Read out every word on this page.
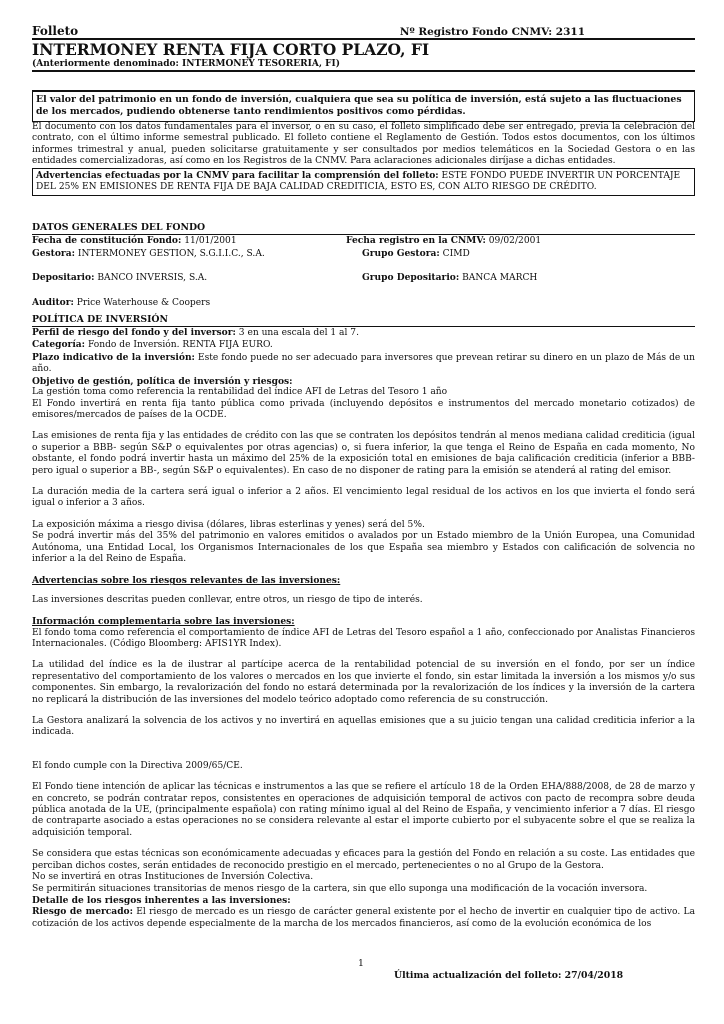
Folleto	Nº Registro Fondo CNMV: 2311
INTERMONEY RENTA FIJA CORTO PLAZO, FI
(Anteriormente denominado: INTERMONEY TESORERIA, FI)
El valor del patrimonio en un fondo de inversión, cualquiera que sea su política de inversión, está sujeto a las fluctuaciones de los mercados, pudiendo obtenerse tanto rendimientos positivos como pérdidas.
El documento con los datos fundamentales para el inversor, o en su caso, el folleto simplificado debe ser entregado, previa la celebración del contrato, con el último informe semestral publicado. El folleto contiene el Reglamento de Gestión. Todos estos documentos, con los últimos informes trimestral y anual, pueden solicitarse gratuitamente y ser consultados por medios telemáticos en la Sociedad Gestora o en las entidades comercializadoras, así como en los Registros de la CNMV. Para aclaraciones adicionales diríjase a dichas entidades.
Advertencias efectuadas por la CNMV para facilitar la comprensión del folleto: ESTE FONDO PUEDE INVERTIR UN PORCENTAJE DEL 25% EN EMISIONES DE RENTA FIJA DE BAJA CALIDAD CREDITICIA, ESTO ES, CON ALTO RIESGO DE CRÉDITO.
DATOS GENERALES DEL FONDO
Fecha de constitución Fondo: 11/01/2001	Fecha registro en la CNMV: 09/02/2001
Gestora: INTERMONEY GESTION, S.G.I.I.C., S.A.	Grupo Gestora: CIMD
Depositario: BANCO INVERSIS, S.A.	Grupo Depositario: BANCA MARCH
Auditor: Price Waterhouse & Coopers
POLÍTICA DE INVERSIÓN
Perfil de riesgo del fondo y del inversor: 3 en una escala del 1 al 7.
Categoría: Fondo de Inversión. RENTA FIJA EURO.
Plazo indicativo de la inversión: Este fondo puede no ser adecuado para inversores que prevean retirar su dinero en un plazo de Más de un año.
Objetivo de gestión, política de inversión y riesgos:
La gestión toma como referencia la rentabilidad del índice AFI de Letras del Tesoro 1 año
El Fondo invertirá en renta fija tanto pública como privada (incluyendo depósitos e instrumentos del mercado monetario cotizados) de emisores/mercados de países de la OCDE.
Las emisiones de renta fija y las entidades de crédito con las que se contraten los depósitos tendrán al menos mediana calidad crediticia (igual o superior a BBB- según S&P o equivalentes por otras agencias) o, si fuera inferior, la que tenga el Reino de España en cada momento, No obstante, el fondo podrá invertir hasta un máximo del 25% de la exposición total en emisiones de baja calificación crediticia (inferior a BBB- pero igual o superior a BB-, según S&P o equivalentes). En caso de no disponer de rating para la emisión se atenderá al rating del emisor.
La duración media de la cartera será igual o inferior a 2 años. El vencimiento legal residual de los activos en los que invierta el fondo será igual o inferior a 3 años.
La exposición máxima a riesgo divisa (dólares, libras esterlinas y yenes) será del 5%.
Se podrá invertir más del 35% del patrimonio en valores emitidos o avalados por un Estado miembro de la Unión Europea, una Comunidad Autónoma, una Entidad Local, los Organismos Internacionales de los que España sea miembro y Estados con calificación de solvencia no inferior a la del Reino de España.
Advertencias sobre los riesgos relevantes de las inversiones:
Las inversiones descritas pueden conllevar, entre otros, un riesgo de tipo de interés.
Información complementaria sobre las inversiones:
El fondo toma como referencia el comportamiento de índice AFI de Letras del Tesoro español a 1 año, confeccionado por Analistas Financieros Internacionales. (Código Bloomberg: AFIS1YR Index).
La utilidad del índice es la de ilustrar al partícipe acerca de la rentabilidad potencial de su inversión en el fondo, por ser un índice representativo del comportamiento de los valores o mercados en los que invierte el fondo, sin estar limitada la inversión a los mismos y/o sus componentes. Sin embargo, la revalorización del fondo no estará determinada por la revalorización de los índices y la inversión de la cartera no replicará la distribución de las inversiones del modelo teórico adoptado como referencia de su construcción.
La Gestora analizará la solvencia de los activos y no invertirá en aquellas emisiones que a su juicio tengan una calidad crediticia inferior a la indicada.
El fondo cumple con la Directiva 2009/65/CE.
El Fondo tiene intención de aplicar las técnicas e instrumentos a las que se refiere el artículo 18 de la Orden EHA/888/2008, de 28 de marzo y en concreto, se podrán contratar repos, consistentes en operaciones de adquisición temporal de activos con pacto de recompra sobre deuda pública anotada de la UE, (principalmente española) con rating mínimo igual al del Reino de España, y vencimiento inferior a 7 días. El riesgo de contraparte asociado a estas operaciones no se considera relevante al estar el importe cubierto por el subyacente sobre el que se realiza la adquisición temporal.
Se considera que estas técnicas son económicamente adecuadas y eficaces para la gestión del Fondo en relación a su coste. Las entidades que perciban dichos costes, serán entidades de reconocido prestigio en el mercado, pertenecientes o no al Grupo de la Gestora.
No se invertirá en otras Instituciones de Inversión Colectiva.
Se permitirán situaciones transitorias de menos riesgo de la cartera, sin que ello suponga una modificación de la vocación inversora.
Detalle de los riesgos inherentes a las inversiones:
Riesgo de mercado: El riesgo de mercado es un riesgo de carácter general existente por el hecho de invertir en cualquier tipo de activo. La cotización de los activos depende especialmente de la marcha de los mercados financieros, así como de la evolución económica de los
1
Última actualización del folleto: 27/04/2018
